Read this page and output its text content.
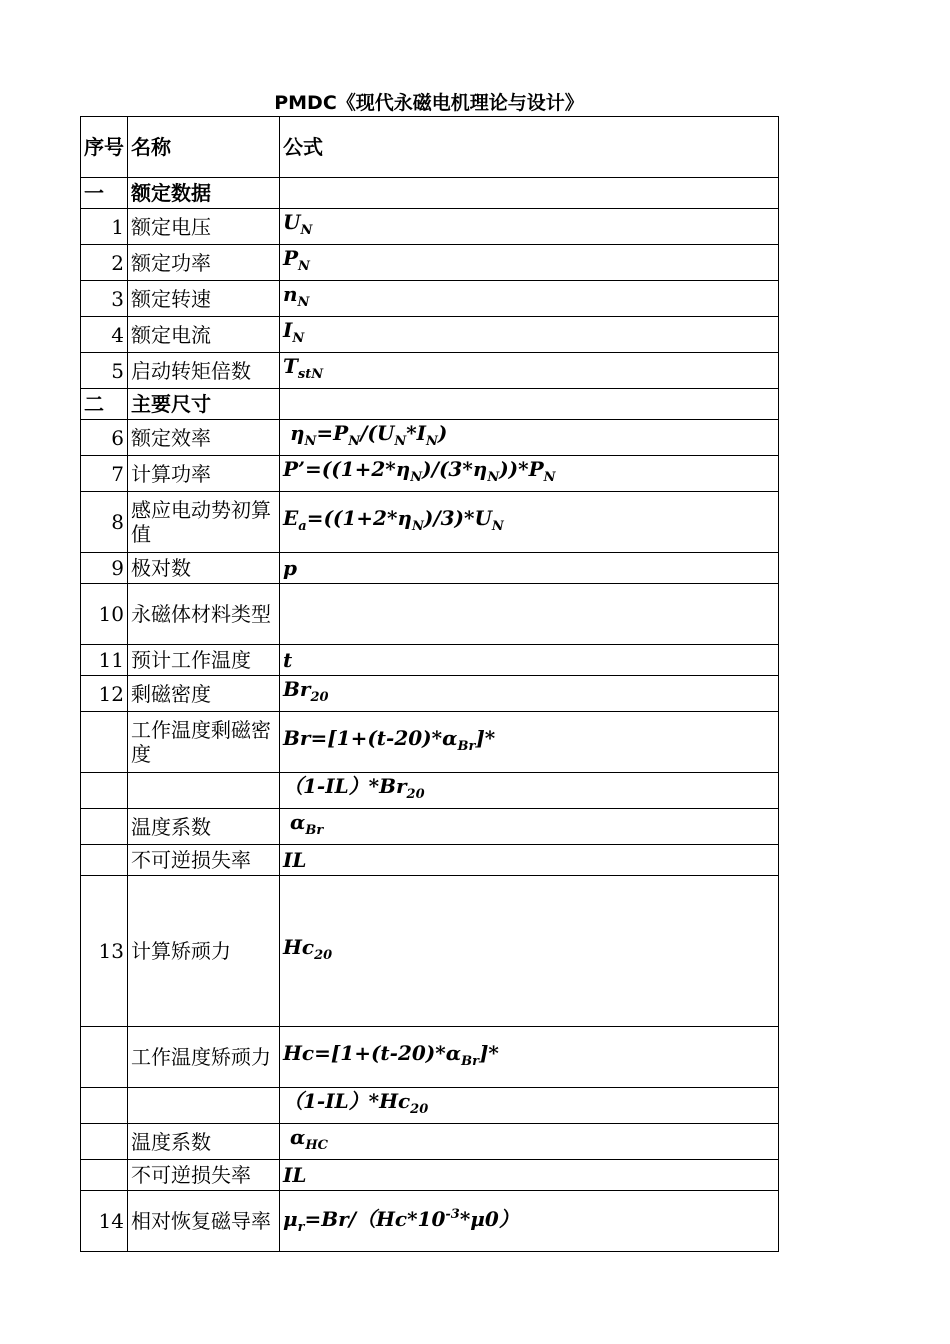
PMDC《现代永磁电机理论与设计》
序号	名称	公式
一	额定数据	
1	额定电压	$U_N$
2	额定功率	$P_N$
3	额定转速	$n_N$
4	额定电流	$I_N$
5	启动转矩倍数	$T_{stN}$
二	主要尺寸	
6	额定效率	$\eta_N=P_N/(U_N*I_N)$
7	计算功率	$P’=((1+2*\eta_N)/(3*\eta_N))*P_N$
8	感应电动势初算值	$E_a=((1+2*\eta_N)/3)*U_N$
9	极对数	p
10	永磁体材料类型	
11	预计工作温度	t
12	剩磁密度	$Br_{20}$
	工作温度剩磁密度	$Br=[1+(t-20)*\alpha_{Br}]*$
		$(1-IL)*Br_{20}$
	温度系数	$\alpha_{Br}$
	不可逆损失率	IL
13	计算矫顽力	$Hc_{20}$
	工作温度矫顽力	$Hc=[1+(t-20)*\alpha_{Br}]*$
		$(1-IL)*Hc_{20}$
	温度系数	$\alpha_{HC}$
	不可逆损失率	IL
14	相对恢复磁导率	$\mu_r=Br/(Hc*10^{-3}*\mu 0)$
